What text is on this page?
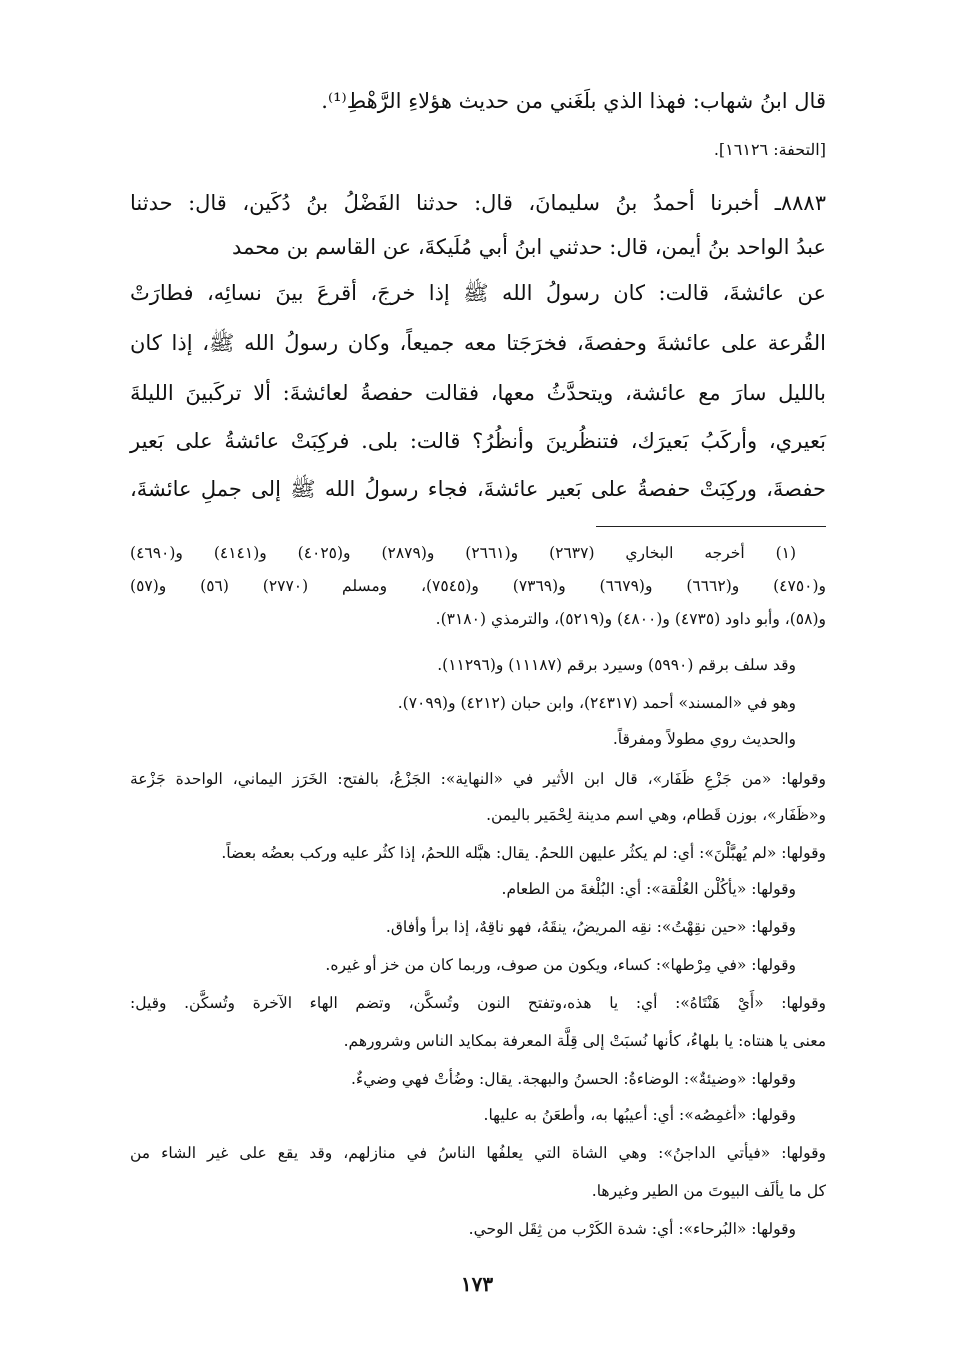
قال ابنُ شهاب: فهذا الذي بلَغَني من حديث هؤلاءِ الرَّهْطِ⁽¹⁾.
[التحفة: ١٦١٢٦].
٨٨٨٣ـ أخبرنا أحمدُ بنُ سليمانَ، قال: حدثنا الفَضْلُ بنُ دُكَين، قال: حدثنا
عبدُ الواحد بنُ أيمن، قال: حدثني ابنُ أبي مُلَيكةَ، عن القاسم بن محمد
عن عائشةَ، قالت: كان رسولُ الله ﷺ إذا خرجَ، أقرعَ بينَ نسائِه، فطارَتْ
القُرعة على عائشةَ وحفصةَ، فخرَجَتا معه جميعاً، وكان رسولُ الله ﷺ، إذا كان
بالليل سارَ مع عائشة، ويتحدَّثُ معها، فقالت حفصةُ لعائشةَ: ألا تركَبينَ الليلةَ
بَعيري، وأركَبُ بَعيرَك، فتنظُرينَ وأنظُرُ؟ قالت: بلى. فركِبَتْ عائشةُ على بَعير
حفصةَ، وركِبَتْ حفصةُ على بَعير عائشةَ، فجاء رسولُ الله ﷺ إلى جملِ عائشةَ،
(١) أخرجه البخاري (٢٦٣٧) و(٢٦٦١) و(٢٨٧٩) و(٤٠٢٥) و(٤١٤١) و(٤٦٩٠)
و(٤٧٥٠) و(٦٦٦٢) و(٦٦٧٩) و(٧٣٦٩) و(٧٥٤٥)، ومسلم (٢٧٧٠) (٥٦) و(٥٧)
و(٥٨)، وأبو داود (٤٧٣٥) و(٤٨٠٠) و(٥٢١٩)، والترمذي (٣١٨٠).
وقد سلف برقم (٥٩٩٠) وسيرد برقم (١١١٨٧) و(١١٢٩٦).
وهو في «المسند» أحمد (٢٤٣١٧)، وابن حبان (٤٢١٢) و(٧٠٩٩).
والحديث روي مطولاً ومفرقاً.
وقولها: «من جَزْعِ ظَفَار»، قال ابن الأثير في «النهاية»: الجَزْعُ، بالفتح: الخَرَز اليماني، الواحدة جَزْعة
و«ظَفَار»، بوزن قَطام، وهي اسم مدينة لِحْمَير باليمن.
وقولها: «لم يُهبَّلْنَ»: أي: لم يكثُر عليهن اللحمُ. يقال: هبَّله اللحمُ، إذا كثُر عليه وركب بعضُه بعضاً.
وقولها: «يأكُلْن العُلْقة»: أي: البُلْغةَ من الطعام.
وقولها: «حين نقِهْتُ»: نقِه المريضُ، ينقَهُ، فهو ناقِهٌ، إذا برأ وأفاق.
وقولها: «في مِرْطها»: كساء، ويكون من صوف، وربما كان من خز أو غيره.
وقولها: «أَيْ هَنْتَاهُ»: أي: يا هذه،وتفتح النون وتُسكَّن، وتضم الهاء الآخرة وتُسكَّن. وقيل:
معنى يا هنتاه: يا بلهاءُ، كأنها نُسبَتْ إلى قِلَّة المعرفة بمكايد الناس وشرورهم.
وقولها: «وضيئةٌ»: الوضاءةُ: الحسنُ والبهجة. يقال: وضُأتْ فهي وضيءٌ.
وقولها: «أغمِصُه»: أي: أعيبُها به، وأطعَنُ به عليها.
وقولها: «فيأتي الداجنُ»: وهي الشاة التي يعلفُها الناسُ في منازلهم، وقد يقع على غير الشاء من
كل ما يألَف البيوتَ من الطير وغيرها.
وقولها: «البُرحاء»: أي: شدة الكَرْب من ثِقَل الوحي.
١٧٣
